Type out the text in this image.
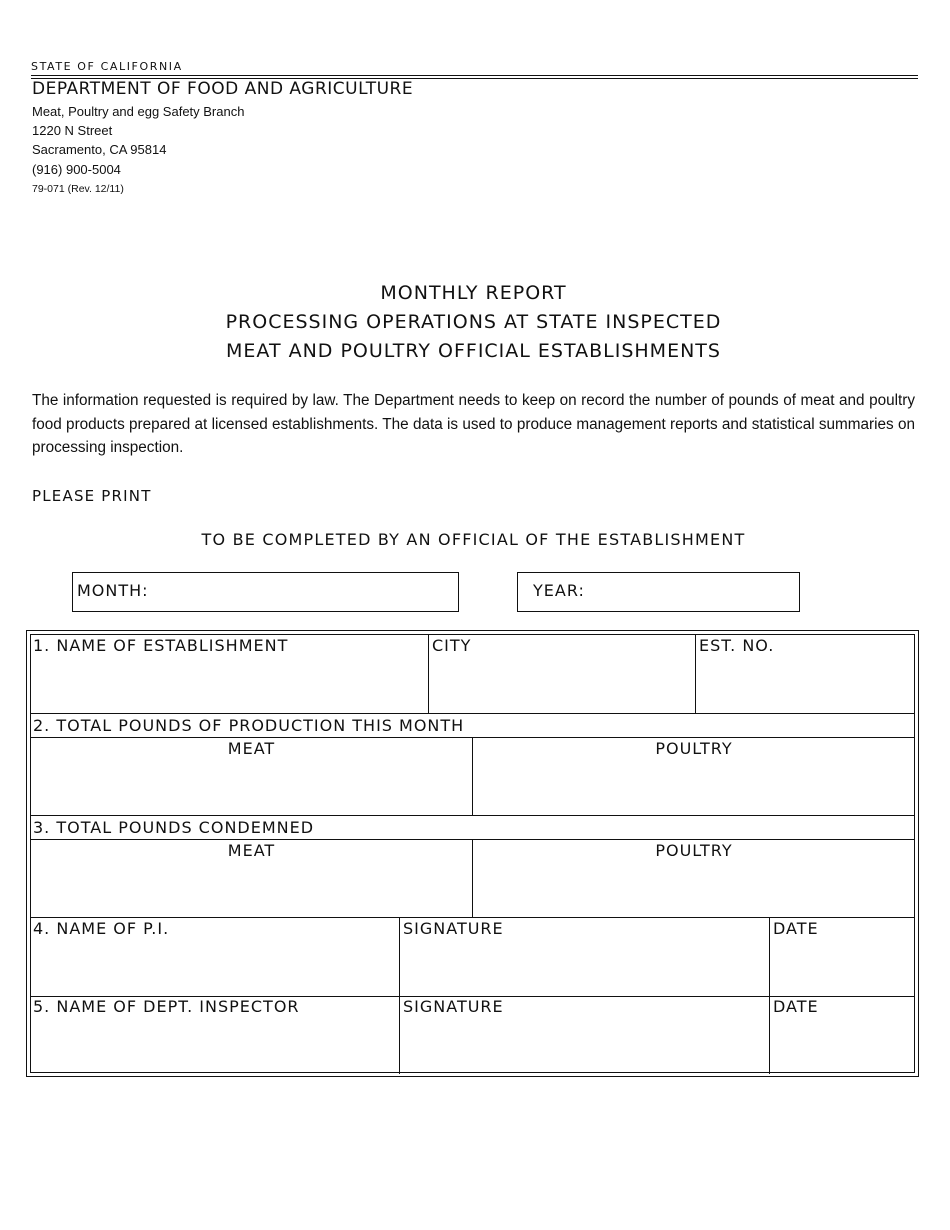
STATE OF CALIFORNIA
DEPARTMENT OF FOOD AND AGRICULTURE
Meat, Poultry and egg Safety Branch
1220 N Street
Sacramento, CA 95814
(916) 900-5004
79-071 (Rev. 12/11)
MONTHLY REPORT
PROCESSING OPERATIONS AT STATE INSPECTED
MEAT AND POULTRY OFFICIAL ESTABLISHMENTS
The information requested is required by law. The Department needs to keep on record the number of pounds of meat and poultry food products prepared at licensed establishments. The data is used to produce management reports and statistical summaries on processing inspection.
PLEASE PRINT
TO BE COMPLETED BY AN OFFICIAL OF THE ESTABLISHMENT
MONTH:	YEAR:
1. NAME OF ESTABLISHMENT	CITY	EST. NO.
2. TOTAL POUNDS OF PRODUCTION THIS MONTH
MEAT	POULTRY
3. TOTAL POUNDS CONDEMNED
MEAT	POULTRY
4. NAME OF P.I.	SIGNATURE	DATE
5. NAME OF DEPT. INSPECTOR	SIGNATURE	DATE
